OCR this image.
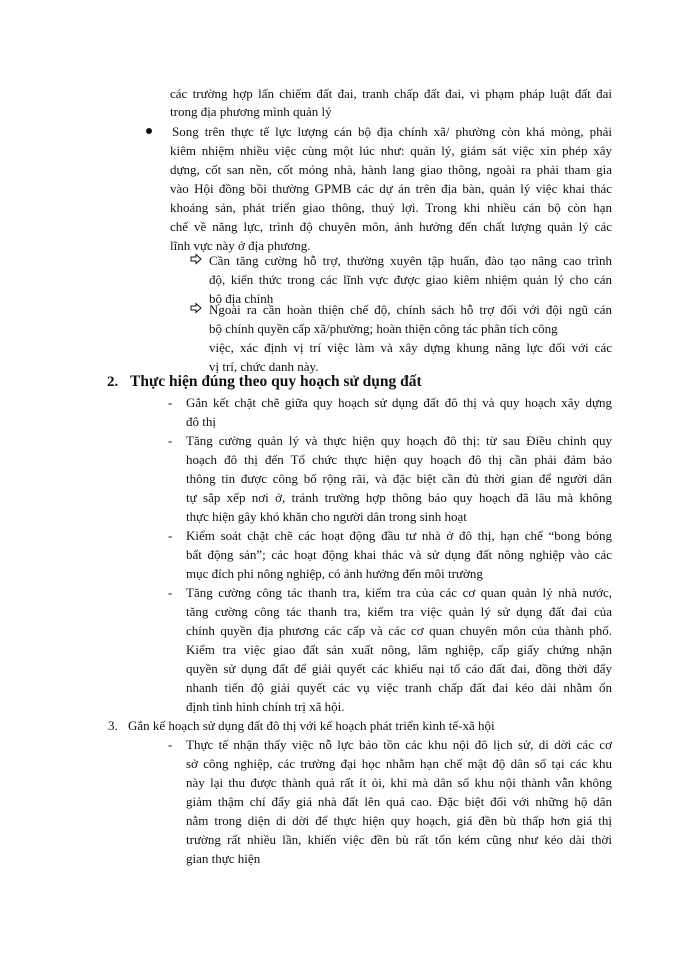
các trường hợp lấn chiếm đất đai, tranh chấp đất đai, vi phạm pháp luật đất đai
trong địa phương mình quản lý
Song trên thực tế lực lượng cán bộ địa chính xã/ phường còn khá mỏng, phải
kiêm nhiệm nhiều việc cùng một lúc như: quản lý, giám sát việc xin phép xây
dựng, cốt san nền, cốt móng nhà, hành lang giao thông, ngoài ra phải tham gia
vào Hội đồng bồi thường GPMB các dự án trên địa bàn, quản lý việc khai thác
khoáng sản, phát triển giao thông, thuỷ lợi. Trong khi nhiều cán bộ còn hạn
chế về năng lực, trình độ chuyên môn, ảnh hưởng đến chất lượng quản lý các
lĩnh vực này ở địa phương.
Cần tăng cường hỗ trợ, thường xuyên tập huấn, đào tạo nâng cao trình
độ, kiến thức trong các lĩnh vực được giao kiêm nhiệm quản lý cho cán
bộ địa chính
Ngoài ra cần hoàn thiện chế độ, chính sách hỗ trợ đối với đội ngũ cán
bộ chính quyền cấp xã/phường; hoàn thiện công tác phân tích công
việc, xác định vị trí việc làm và xây dựng khung năng lực đối với các
vị trí, chức danh này.
2. Thực hiện đúng theo quy hoạch sử dụng đất
- Gắn kết chặt chẽ giữa quy hoạch sử dụng đất đô thị và quy hoạch xây dựng
đô thị
- Tăng cường quản lý và thực hiện quy hoạch đô thị: từ sau Điều chỉnh quy
hoạch đô thị đến Tổ chức thực hiện quy hoạch đô thị cần phải đảm bảo
thông tin được công bố rộng rãi, và đặc biệt cần đủ thời gian để người dân
tự sắp xếp nơi ở, tránh trường hợp thông báo quy hoạch đã lâu mà không
thực hiện gây khó khăn cho người dân trong sinh hoạt
- Kiểm soát chặt chẽ các hoạt động đầu tư nhà ở đô thị, hạn chế “bong bóng
bất động sản”; các hoạt động khai thác và sử dụng đất nông nghiệp vào các
mục đích phi nông nghiệp, có ảnh hưởng đến môi trường
- Tăng cường công tác thanh tra, kiểm tra của các cơ quan quản lý nhà nước,
tăng cường công tác thanh tra, kiểm tra việc quản lý sử dụng đất đai của
chính quyền địa phương các cấp và các cơ quan chuyên môn của thành phố.
Kiểm tra việc giao đất sản xuất nông, lâm nghiệp, cấp giấy chứng nhận
quyền sử dụng đất để giải quyết các khiếu nại tố cáo đất đai, đồng thời đẩy
nhanh tiến độ giải quyết các vụ việc tranh chấp đất đai kéo dài nhằm ổn
định tình hình chính trị xã hội.
3. Gắn kế hoạch sử dụng đất đô thị với kế hoạch phát triển kinh tế-xã hội
- Thực tế nhận thấy việc nỗ lực bảo tồn các khu nội đô lịch sử, di dời các cơ
sở công nghiệp, các trường đại học nhằm hạn chế mật độ dân số tại các khu
này lại thu được thành quả rất ít ỏi, khi mà dân số khu nội thành vẫn không
giảm thậm chí đẩy giá nhà đất lên quá cao. Đặc biệt đối với những hộ dân
nằm trong diện di dời để thực hiện quy hoạch, giá đền bù thấp hơn giá thị
trường rất nhiều lần, khiến việc đền bù rất tốn kém cũng như kéo dài thời
gian thực hiện
